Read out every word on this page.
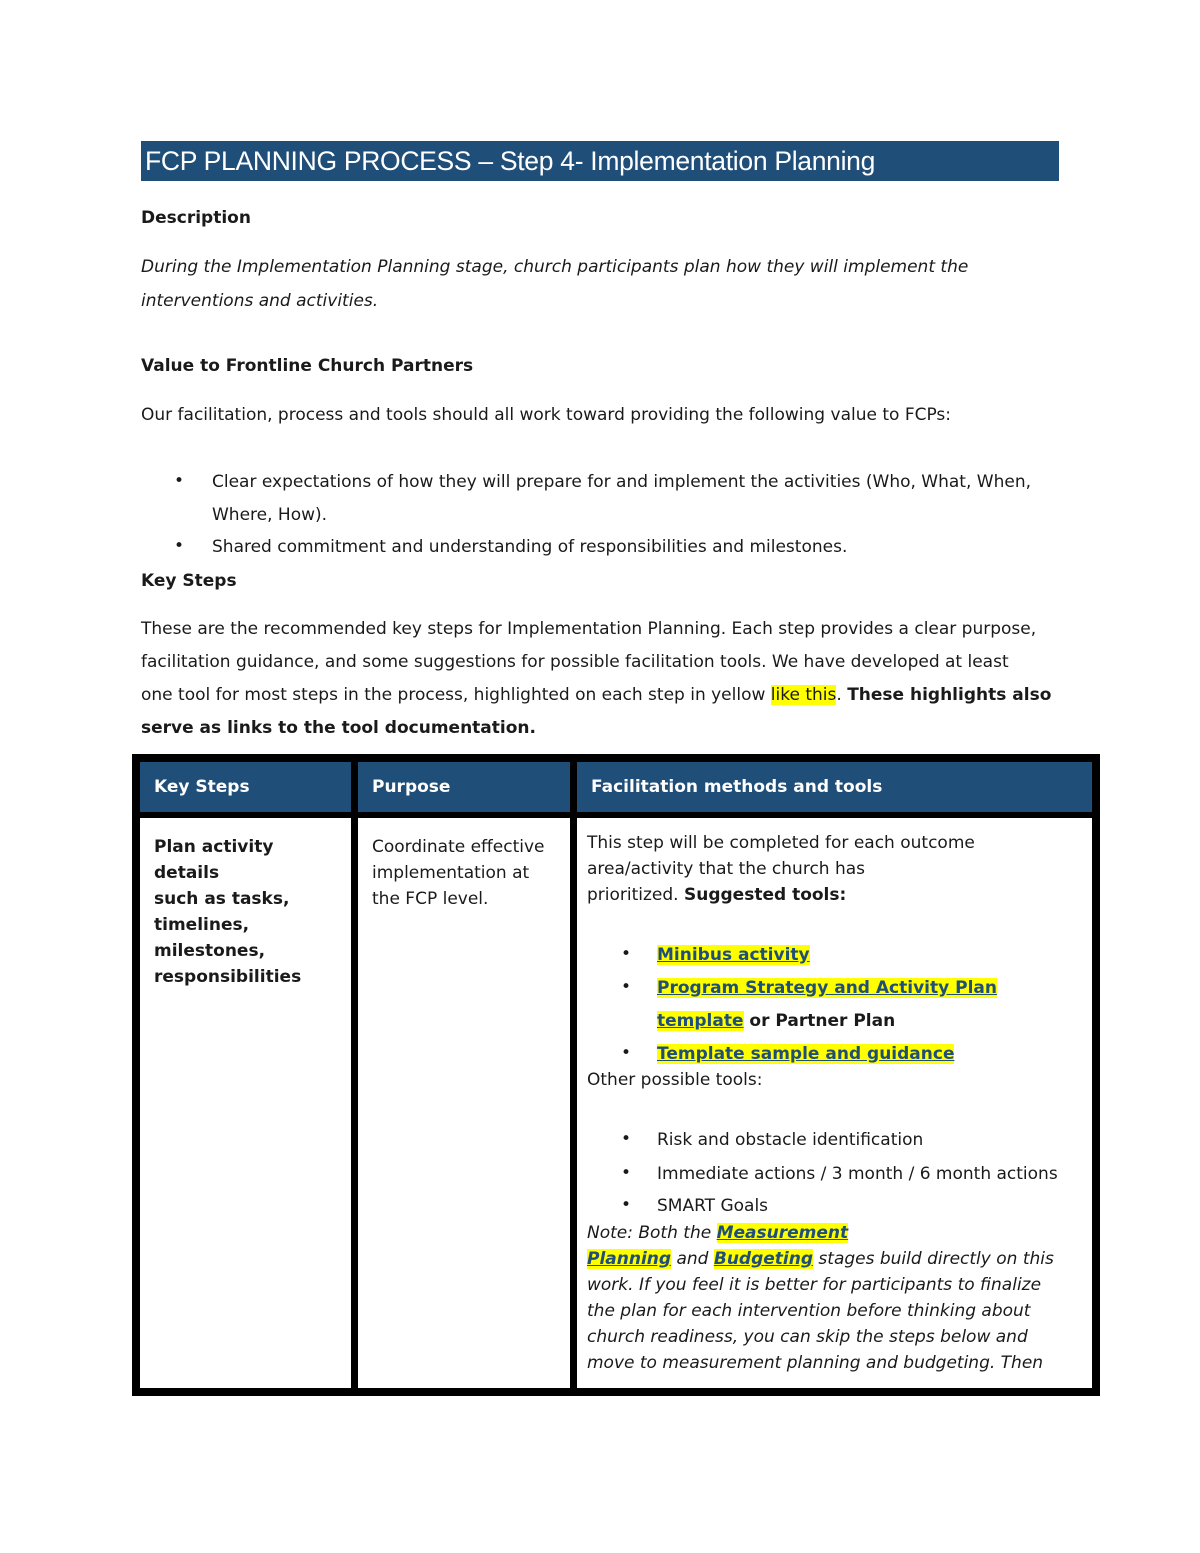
FCP PLANNING PROCESS – Step 4- Implementation Planning
Description
During the Implementation Planning stage, church participants plan how they will implement the
interventions and activities.
Value to Frontline Church Partners
Our facilitation, process and tools should all work toward providing the following value to FCPs:
• Clear expectations of how they will prepare for and implement the activities (Who, What, When,
Where, How).
• Shared commitment and understanding of responsibilities and milestones.
Key Steps
These are the recommended key steps for Implementation Planning. Each step provides a clear purpose,
facilitation guidance, and some suggestions for possible facilitation tools. We have developed at least
one tool for most steps in the process, highlighted on each step in yellow like this. These highlights also
serve as links to the tool documentation.
Key Steps	Purpose	Facilitation methods and tools
Plan activity details
such as tasks,
timelines,
milestones,
responsibilities
Coordinate effective
implementation at
the FCP level.
This step will be completed for each outcome
area/activity that the church has
prioritized. Suggested tools:
• Minibus activity
• Program Strategy and Activity Plan
template or Partner Plan
• Template sample and guidance
Other possible tools:
• Risk and obstacle identification
• Immediate actions / 3 month / 6 month actions
• SMART Goals
Note: Both the Measurement
Planning and Budgeting stages build directly on this
work. If you feel it is better for participants to finalize
the plan for each intervention before thinking about
church readiness, you can skip the steps below and
move to measurement planning and budgeting. Then
